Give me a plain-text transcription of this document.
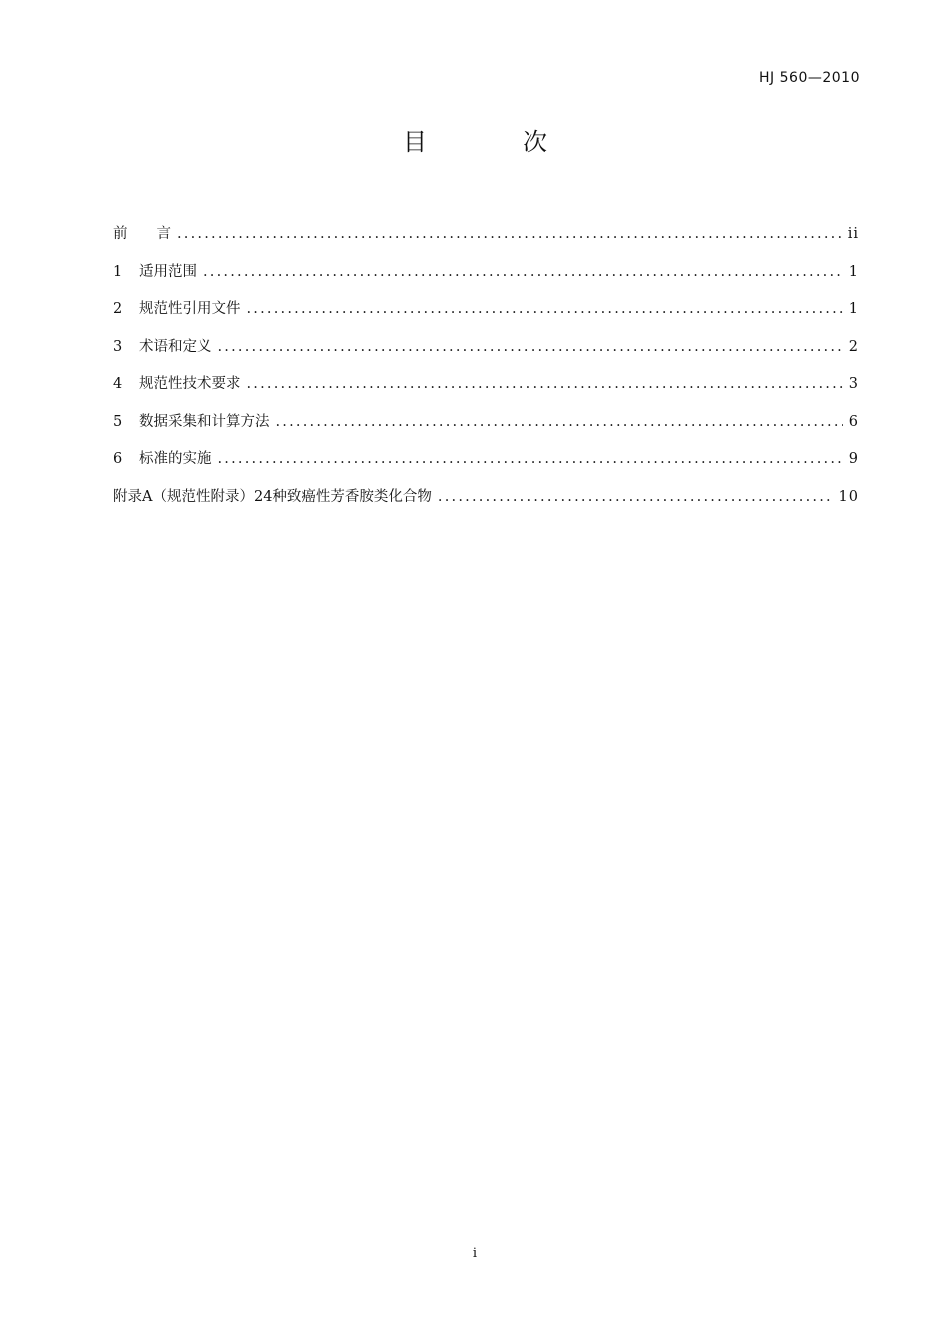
HJ 560—2010
目　次
前　　言 .....	ii
1 适用范围 .....	1
2 规范性引用文件 .....	1
3 术语和定义 .....	2
4 规范性技术要求 .....	3
5 数据采集和计算方法 .....	6
6 标准的实施 .....	9
附录A（规范性附录）24种致癌性芳香胺类化合物 .....	10
i
